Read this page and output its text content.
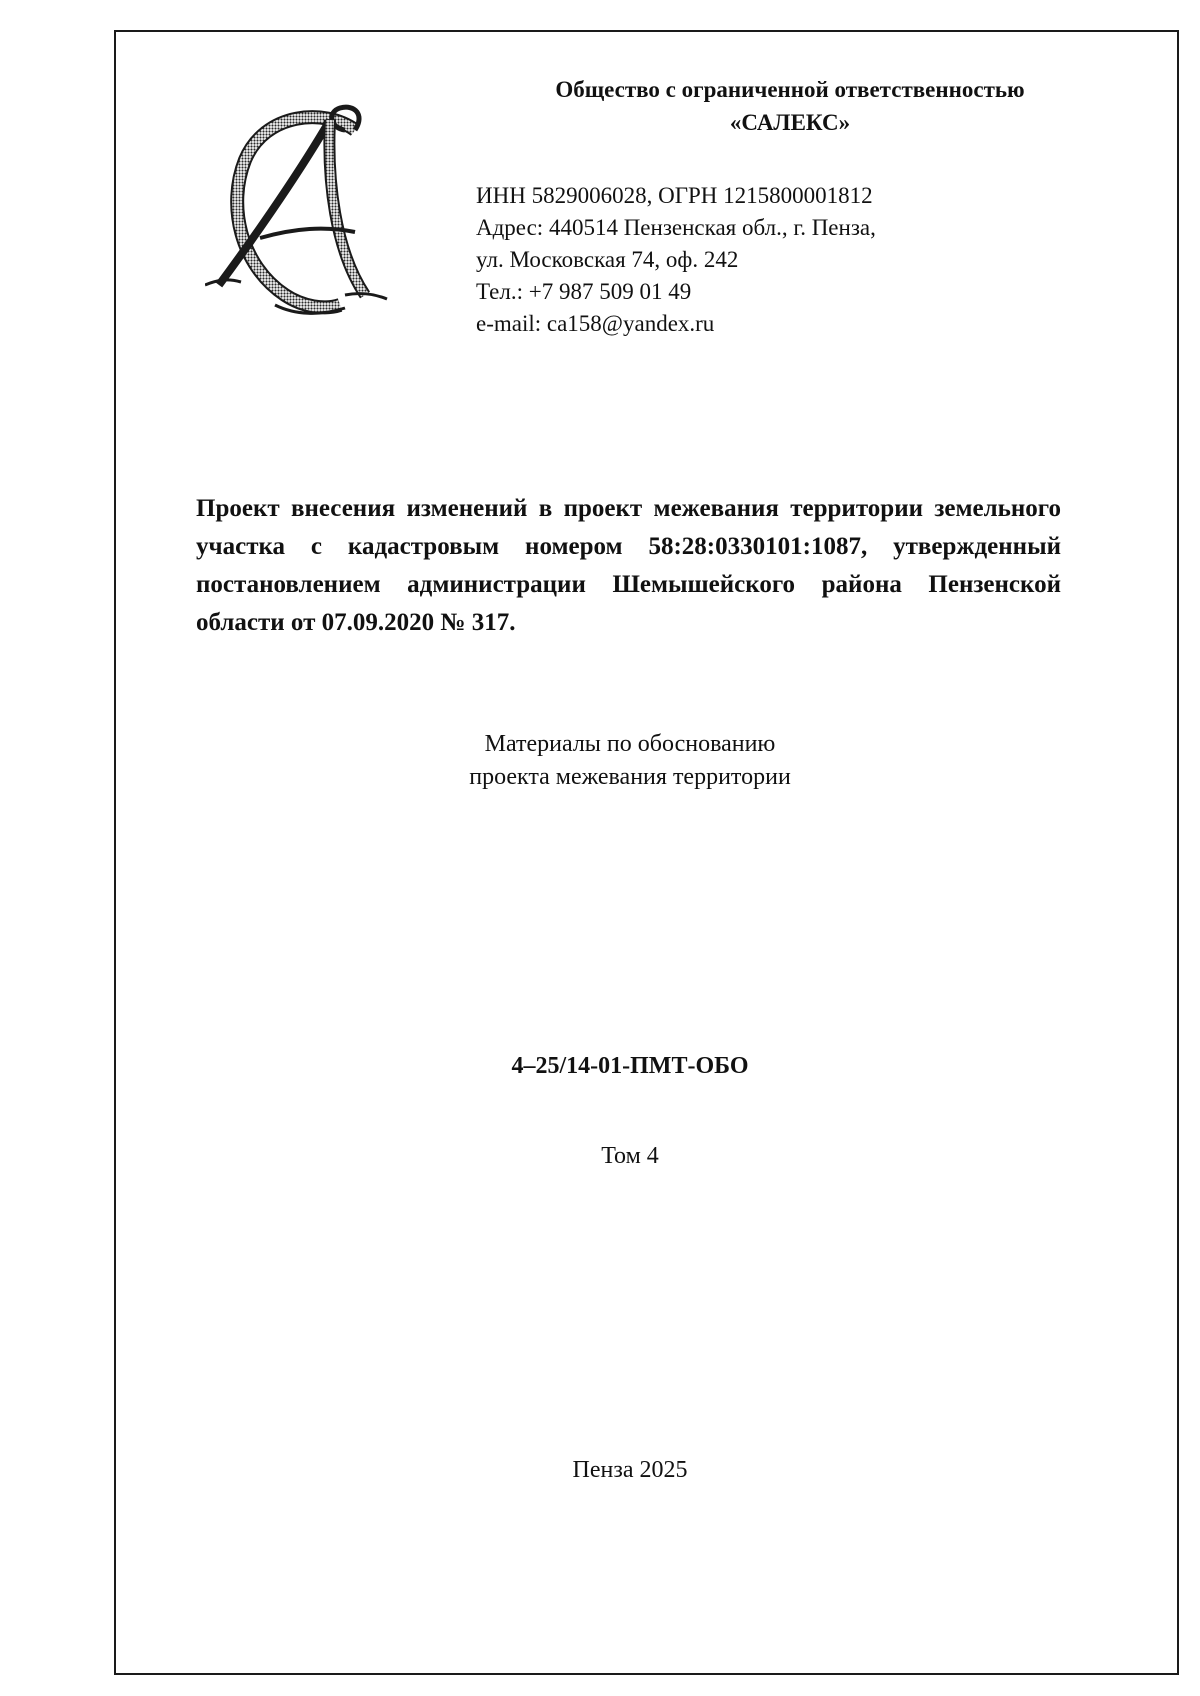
Общество с ограниченной ответственностью
«САЛЕКС»
ИНН 5829006028, ОГРН 1215800001812
Адрес: 440514 Пензенская обл., г. Пенза,
ул. Московская 74, оф. 242
Тел.: +7 987 509 01 49
e-mail: ca158@yandex.ru
Проект внесения изменений в проект межевания территории земельного участка с кадастровым номером 58:28:0330101:1087, утвержденный постановлением администрации Шемышейского района Пензенской области от 07.09.2020 № 317.
Материалы по обоснованию
проекта межевания территории
4–25/14-01-ПМТ-ОБО
Том 4
Пенза 2025
